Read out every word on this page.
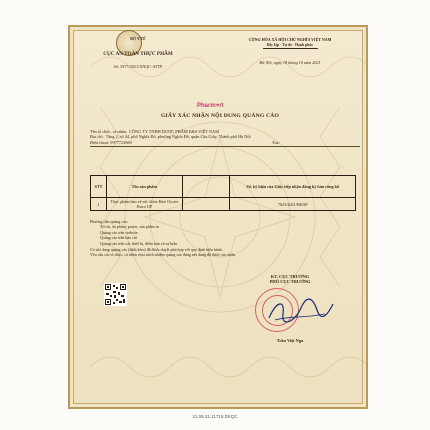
BỘ Y TẾ
CỤC AN TOÀN THỰC PHẨM
Số: 3977/2021/XNQC-ATTP
CỘNG HÒA XÃ HỘI CHỦ NGHĨA VIỆT NAM
Độc lập - Tự do - Hạnh phúc
Hà Nội, ngày 18 tháng 10 năm 2021
Pharm♥rt
GIẤY XÁC NHẬN NỘI DUNG QUẢNG CÁO
Tên tổ chức, cá nhân: CÔNG TY TNHH DƯỢC PHẨM E&S VIỆT NAM
Địa chỉ: Tầng 2, số 44, phố Nghĩa Đô, phường Nghĩa Đô, quận Cầu Giấy, Thành phố Hà Nội
Điện thoại: 0977722669	Fax:
STT	Tên sản phẩm		Số, ký hiệu của Giấy tiếp nhận đăng ký bản công bố
1	Thực phẩm bảo vệ sức khỏe Hair Oyster Extra UP		7623/2021/ĐKSP
Phương tiện quảng cáo:
Tờ rơi, ấn phẩm, poster, sản phẩm in
Quảng cáo trên website
Quảng cáo trên báo chí
Quảng cáo trên các thiết bị, điểm bán và sự kiện
Có nội dung quảng cáo (đính kèm) đã được duyệt phù hợp với quy định hiện hành.
Yêu cầu các tổ chức, cá nhân chịu trách nhiệm quảng cáo đúng nội dung đã được xác nhận.
KT. CỤC TRƯỞNG
PHÓ CỤC TRƯỞNG
Trần Việt Nga
21.08.31.11719.DKQC
